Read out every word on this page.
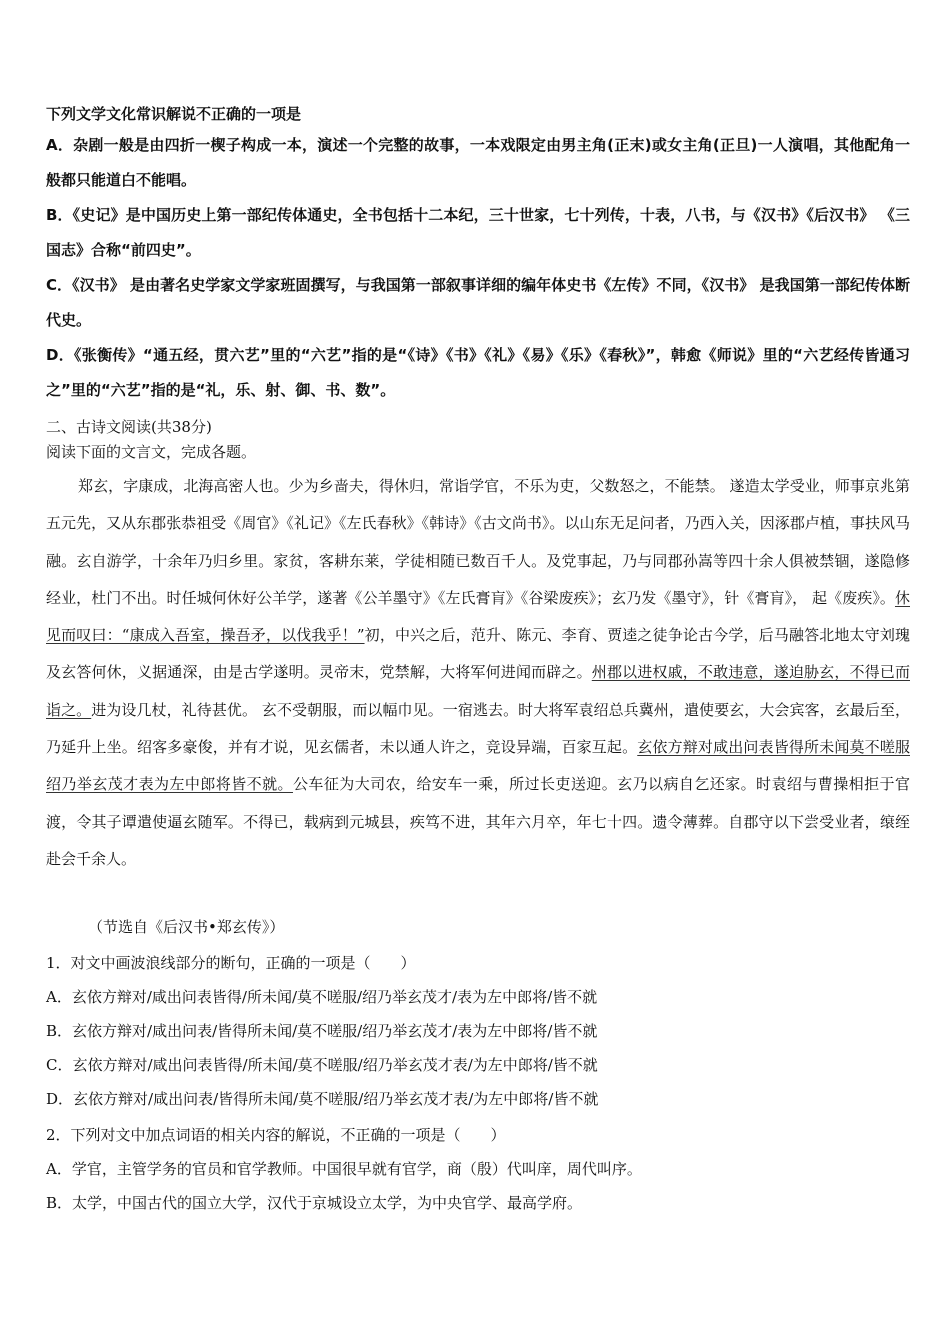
下列文学文化常识解说不正确的一项是
A．杂剧一般是由四折一楔子构成一本，演述一个完整的故事，一本戏限定由男主角(正末)或女主角(正旦)一人演唱，其他配角一般都只能道白不能唱。
B．《史记》是中国历史上第一部纪传体通史，全书包括十二本纪，三十世家，七十列传，十表，八书，与《汉书》《后汉书》 《三国志》合称“前四史”。
C．《汉书》 是由著名史学家文学家班固撰写，与我国第一部叙事详细的编年体史书《左传》不同，《汉书》 是我国第一部纪传体断代史。
D．《张衡传》“通五经，贯六艺”里的“六艺”指的是“《诗》《书》《礼》《易》《乐》《春秋》”，韩愈《师说》里的“六艺经传皆通习之”里的“六艺”指的是“礼，乐、射、御、书、数”。
二、古诗文阅读(共38分)
阅读下面的文言文，完成各题。
郑玄，字康成，北海高密人也。少为乡啬夫，得休归，常诣学官，不乐为吏，父数怒之，不能禁。 遂造太学受业，师事京兆第五元先，又从东郡张恭祖受《周官》《礼记》《左氏春秋》《韩诗》《古文尚书》。以山东无足问者，乃西入关，因涿郡卢植，事扶风马融。玄自游学，十余年乃归乡里。家贫，客耕东莱，学徒相随已数百千人。及党事起，乃与同郡孙嵩等四十余人俱被禁锢，遂隐修经业，杜门不出。时任城何休好公羊学，遂著《公羊墨守》《左氏膏肓》《谷梁废疾》；玄乃发《墨守》，针《膏肓》， 起《废疾》。休见而叹曰：“康成入吾室，操吾矛，以伐我乎！”初，中兴之后，范升、陈元、李育、贾逵之徒争论古今学，后马融答北地太守刘瑰及玄答何休，义据通深，由是古学遂明。灵帝末，党禁解，大将军何进闻而辟之。州郡以进权戚，不敢违意，遂迫胁玄，不得已而诣之。进为设几杖，礼待甚优。 玄不受朝服，而以幅巾见。一宿逃去。时大将军袁绍总兵冀州，遣使要玄，大会宾客，玄最后至，乃延升上坐。绍客多豪俊，并有才说，见玄儒者，未以通人许之，竞设异端，百家互起。玄依方辩对咸出问表皆得所未闻莫不嗟服绍乃举玄茂才表为左中郎将皆不就。公车征为大司农，给安车一乘，所过长吏送迎。玄乃以病自乞还家。时袁绍与曹操相拒于官渡，令其子谭遣使逼玄随军。不得已，载病到元城县，疾笃不进，其年六月卒，年七十四。遗令薄葬。自郡守以下尝受业者，缞绖赴会千余人。
（节选自《后汉书•郑玄传》）
1．对文中画波浪线部分的断句，正确的一项是（　　）
A．玄依方辩对/咸出问表皆得/所未闻/莫不嗟服/绍乃举玄茂才/表为左中郎将/皆不就
B．玄依方辩对/咸出问表/皆得所未闻/莫不嗟服/绍乃举玄茂才/表为左中郎将/皆不就
C．玄依方辩对/咸出问表皆得/所未闻/莫不嗟服/绍乃举玄茂才表/为左中郎将/皆不就
D．玄依方辩对/咸出问表/皆得所未闻/莫不嗟服/绍乃举玄茂才表/为左中郎将/皆不就
2．下列对文中加点词语的相关内容的解说，不正确的一项是（　　）
A．学官，主管学务的官员和官学教师。中国很早就有官学，商（殷）代叫庠，周代叫序。
B．太学，中国古代的国立大学，汉代于京城设立太学，为中央官学、最高学府。
